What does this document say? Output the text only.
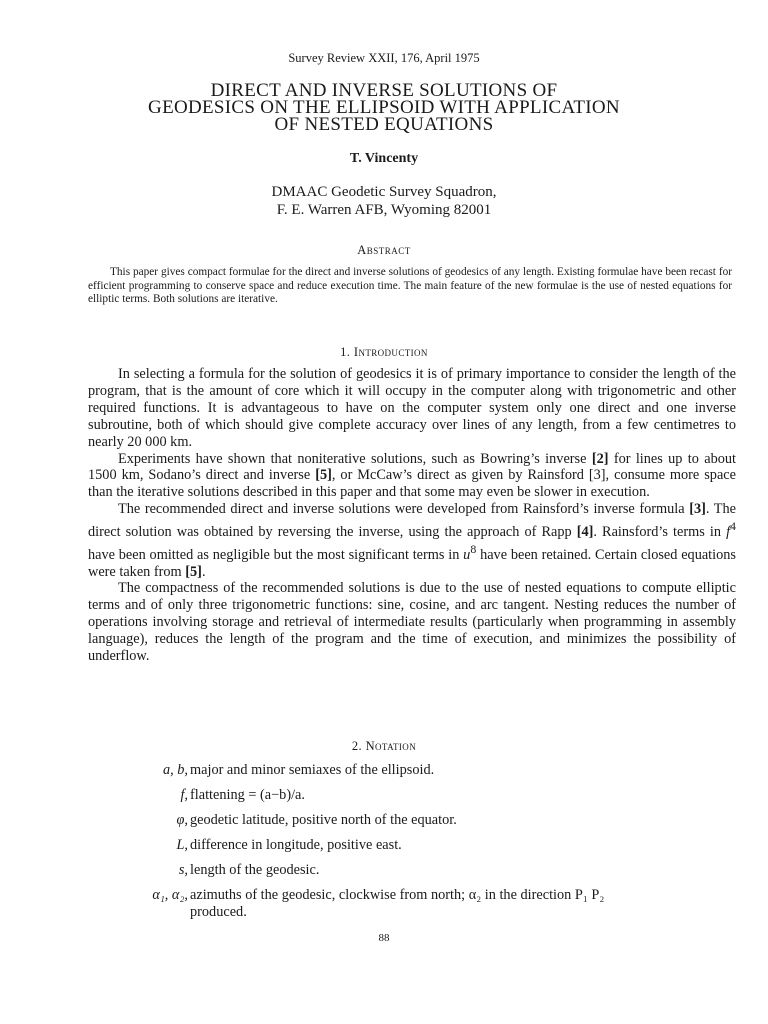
Survey Review XXII, 176, April 1975
DIRECT AND INVERSE SOLUTIONS OF
GEODESICS ON THE ELLIPSOID WITH APPLICATION
OF NESTED EQUATIONS
T. Vincenty
DMAAC Geodetic Survey Squadron,
F. E. Warren AFB, Wyoming 82001
Abstract

This paper gives compact formulae for the direct and inverse solutions of geodesics of any length. Existing formulae have been recast for efficient programming to conserve space and reduce execution time. The main feature of the new formulae is the use of nested equations for elliptic terms. Both solutions are iterative.

1. Introduction

In selecting a formula for the solution of geodesics it is of primary importance to consider the length of the program, that is the amount of core which it will occupy in the computer along with trigonometric and other required functions. It is advantageous to have on the computer system only one direct and one inverse subroutine, both of which should give complete accuracy over lines of any length, from a few centimetres to nearly 20 000 km.

Experiments have shown that noniterative solutions, such as Bowring’s inverse [2] for lines up to about 1500 km, Sodano’s direct and inverse [5], or McCaw’s direct as given by Rainsford [3], consume more space than the iterative solutions described in this paper and that some may even be slower in execution.

The recommended direct and inverse solutions were developed from Rainsford’s inverse formula [3]. The direct solution was obtained by reversing the inverse, using the approach of Rapp [4]. Rainsford’s terms in $f^4$ have been omitted as negligible but the most significant terms in $u^8$ have been retained. Certain closed equations were taken from [5].

The compactness of the recommended solutions is due to the use of nested equations to compute elliptic terms and of only three trigonometric functions: sine, cosine, and arc tangent. Nesting reduces the number of operations involving storage and retrieval of intermediate results (particularly when programming in assembly language), reduces the length of the program and the time of execution, and minimizes the possibility of underflow.

2. Notation
a, b, major and minor semiaxes of the ellipsoid.
f, flattening = (a−b)/a.
φ, geodetic latitude, positive north of the equator.
L, difference in longitude, positive east.
s, length of the geodesic.
α₁, α₂, azimuths of the geodesic, clockwise from north; α₂ in the direction P₁ P₂
produced.
88
